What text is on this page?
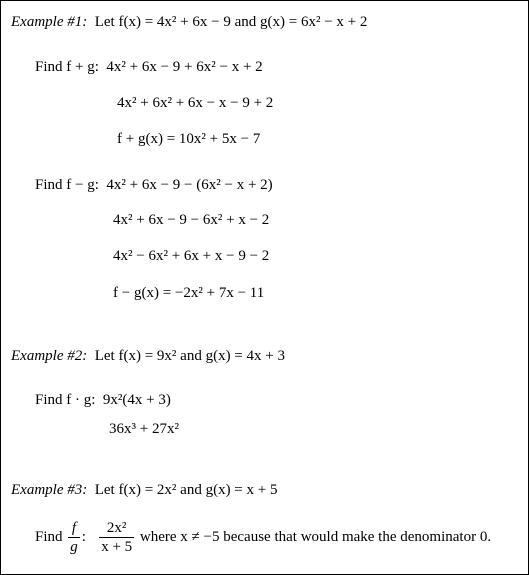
Example #1: Let f(x) = 4x² + 6x − 9 and g(x) = 6x² − x + 2
Find f + g: 4x² + 6x − 9 + 6x² − x + 2
4x² + 6x² + 6x − x − 9 + 2
f + g(x) = 10x² + 5x − 7
Find f − g: 4x² + 6x − 9 − (6x² − x + 2)
4x² + 6x − 9 − 6x² + x − 2
4x² − 6x² + 6x + x − 9 − 2
f − g(x) = −2x² + 7x − 11
Example #2: Let f(x) = 9x² and g(x) = 4x + 3
Find f · g: 9x²(4x + 3)
36x³ + 27x²
Example #3: Let f(x) = 2x² and g(x) = x + 5
Find $\frac{f}{g}$ : $\frac{\text{2x²}}{x + 5}$ where x ≠ −5 because that would make the denominator 0.
